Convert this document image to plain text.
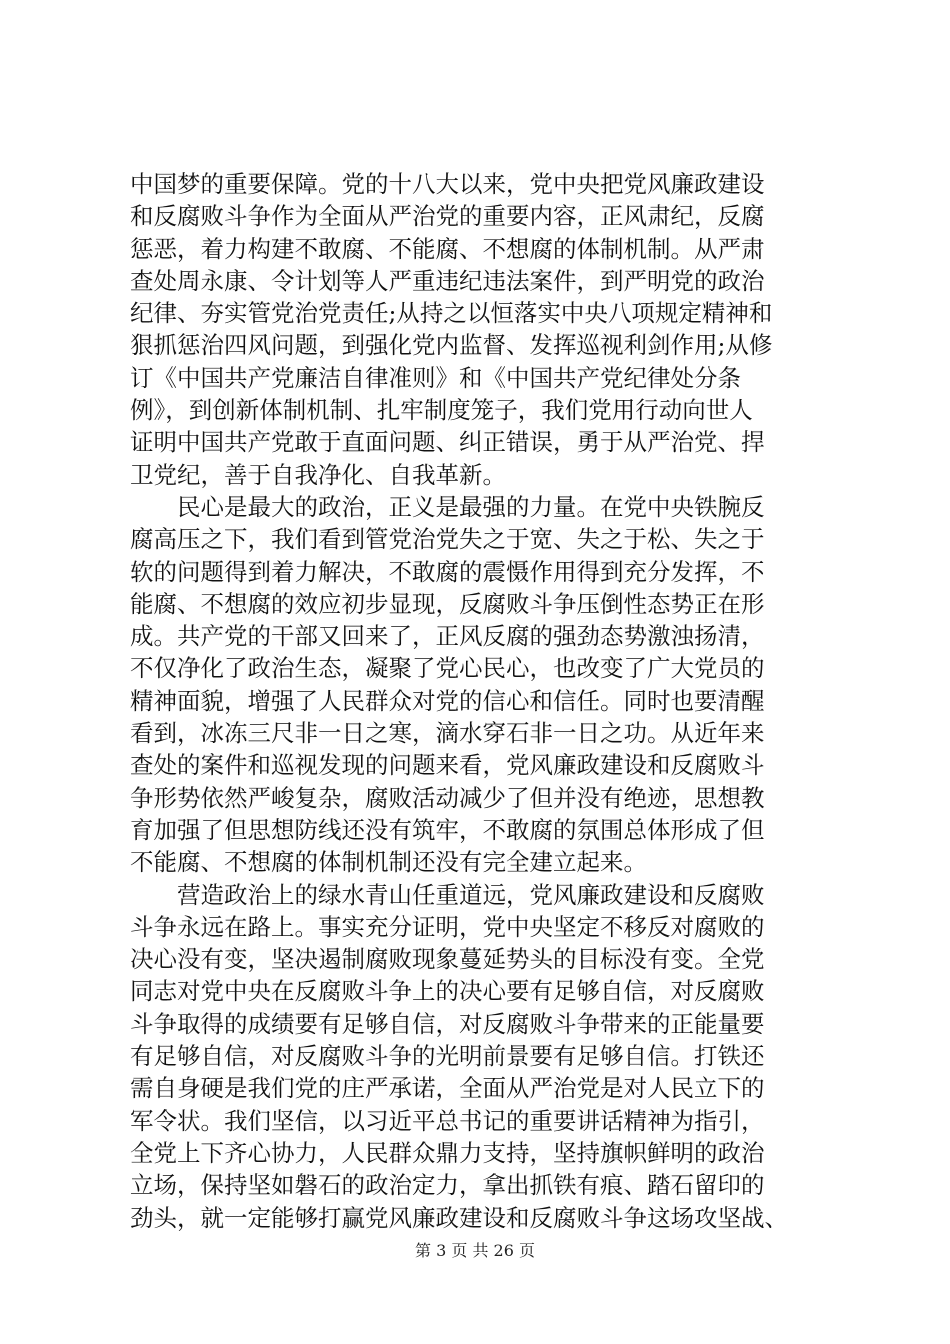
中国梦的重要保障。党的十八大以来，党中央把党风廉政建设
和反腐败斗争作为全面从严治党的重要内容，正风肃纪，反腐
惩恶，着力构建不敢腐、不能腐、不想腐的体制机制。从严肃
查处周永康、令计划等人严重违纪违法案件，到严明党的政治
纪律、夯实管党治党责任;从持之以恒落实中央八项规定精神和
狠抓惩治四风问题，到强化党内监督、发挥巡视利剑作用;从修
订《中国共产党廉洁自律准则》和《中国共产党纪律处分条
例》，到创新体制机制、扎牢制度笼子，我们党用行动向世人
证明中国共产党敢于直面问题、纠正错误，勇于从严治党、捍
卫党纪，善于自我净化、自我革新。
　　民心是最大的政治，正义是最强的力量。在党中央铁腕反
腐高压之下，我们看到管党治党失之于宽、失之于松、失之于
软的问题得到着力解决，不敢腐的震慑作用得到充分发挥，不
能腐、不想腐的效应初步显现，反腐败斗争压倒性态势正在形
成。共产党的干部又回来了，正风反腐的强劲态势激浊扬清，
不仅净化了政治生态，凝聚了党心民心，也改变了广大党员的
精神面貌，增强了人民群众对党的信心和信任。同时也要清醒
看到，冰冻三尺非一日之寒，滴水穿石非一日之功。从近年来
查处的案件和巡视发现的问题来看，党风廉政建设和反腐败斗
争形势依然严峻复杂，腐败活动减少了但并没有绝迹，思想教
育加强了但思想防线还没有筑牢，不敢腐的氛围总体形成了但
不能腐、不想腐的体制机制还没有完全建立起来。
　　营造政治上的绿水青山任重道远，党风廉政建设和反腐败
斗争永远在路上。事实充分证明，党中央坚定不移反对腐败的
决心没有变，坚决遏制腐败现象蔓延势头的目标没有变。全党
同志对党中央在反腐败斗争上的决心要有足够自信，对反腐败
斗争取得的成绩要有足够自信，对反腐败斗争带来的正能量要
有足够自信，对反腐败斗争的光明前景要有足够自信。打铁还
需自身硬是我们党的庄严承诺，全面从严治党是对人民立下的
军令状。我们坚信，以习近平总书记的重要讲话精神为指引，
全党上下齐心协力，人民群众鼎力支持，坚持旗帜鲜明的政治
立场，保持坚如磐石的政治定力，拿出抓铁有痕、踏石留印的
劲头，就一定能够打赢党风廉政建设和反腐败斗争这场攻坚战、
第 3 页 共 26 页
